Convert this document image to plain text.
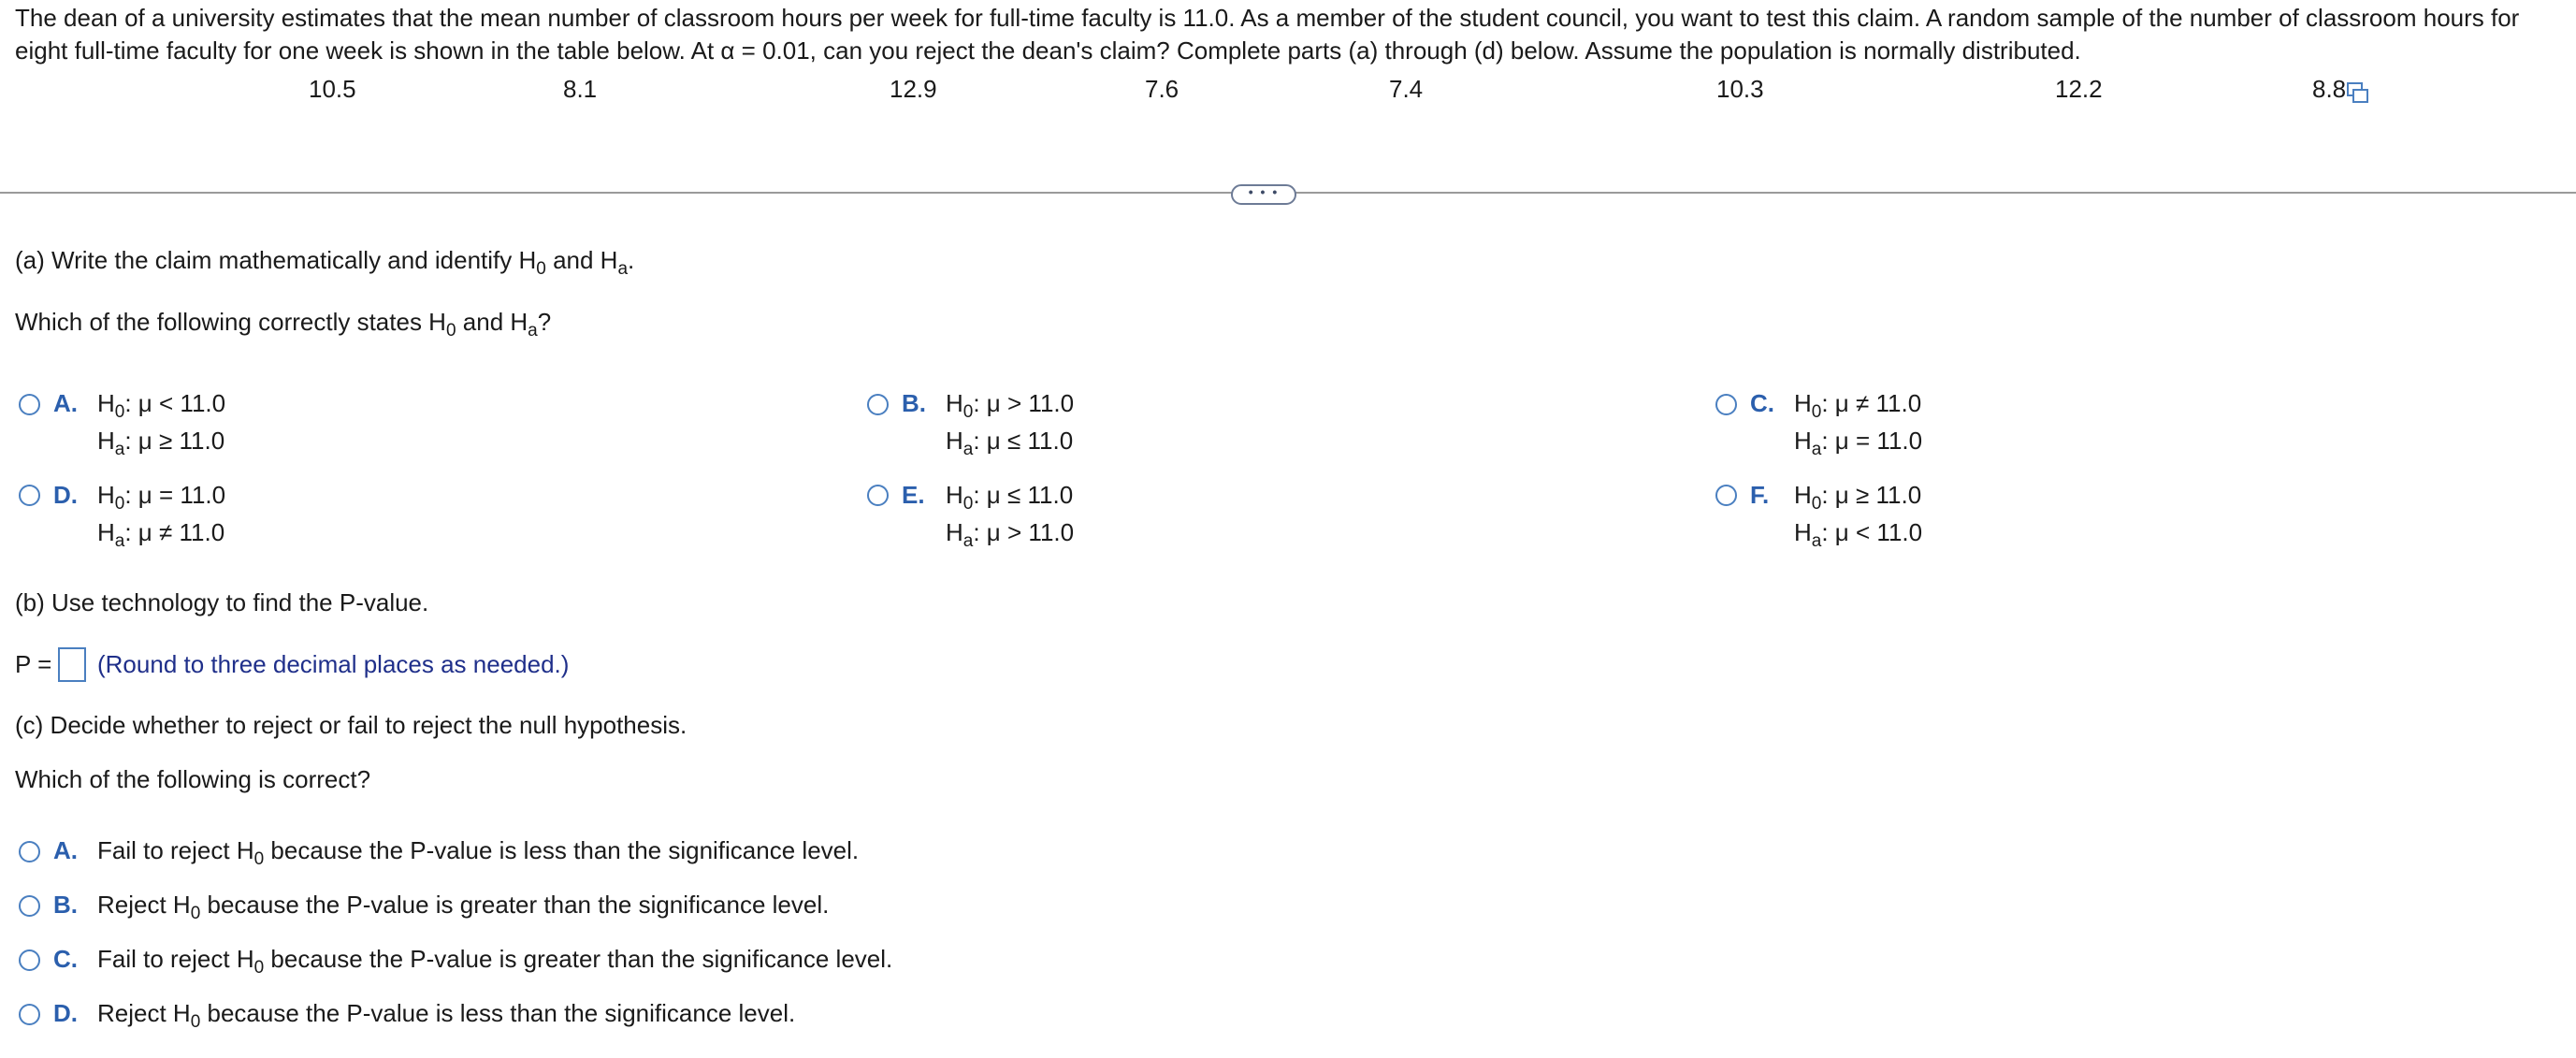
The dean of a university estimates that the mean number of classroom hours per week for full-time faculty is 11.0. As a member of the student council, you want to test this claim. A random sample of the number of classroom hours for

eight full-time faculty for one week is shown in the table below. At α = 0.01, can you reject the dean's claim? Complete parts (a) through (d) below. Assume the population is normally distributed.

10.5	8.1	12.9	7.6	7.4	10.3	12.2	8.8
• • •
(a) Write the claim mathematically and identify $H_0$ and $H_a$.
Which of the following correctly states $H_0$ and $H_a$?
A. $H_0$: μ < 11.0
$H_a$: μ ≥ 11.0
B. $H_0$: μ > 11.0
$H_a$: μ ≤ 11.0
C. $H_0$: μ ≠ 11.0
$H_a$: μ = 11.0
D. $H_0$: μ = 11.0
$H_a$: μ ≠ 11.0
E. $H_0$: μ ≤ 11.0
$H_a$: μ > 11.0
F. $H_0$: μ ≥ 11.0
$H_a$: μ < 11.0
(b) Use technology to find the P-value.
P = (Round to three decimal places as needed.)
(c) Decide whether to reject or fail to reject the null hypothesis.
Which of the following is correct?
A. Fail to reject $H_0$ because the P-value is less than the significance level.
B. Reject $H_0$ because the P-value is greater than the significance level.
C. Fail to reject $H_0$ because the P-value is greater than the significance level.
D. Reject $H_0$ because the P-value is less than the significance level.
